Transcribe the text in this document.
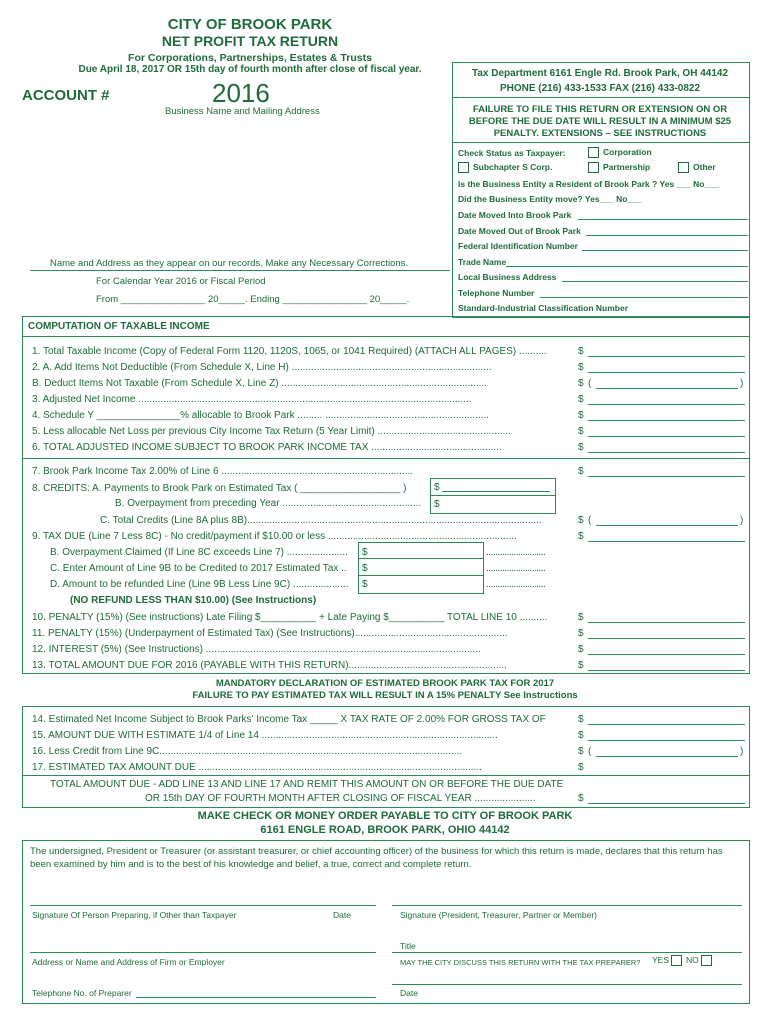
CITY OF BROOK PARK
NET PROFIT TAX RETURN
For Corporations, Partnerships, Estates & Trusts
Due April 18, 2017 OR 15th day of fourth month after close of fiscal year.
ACCOUNT #	2016
Business Name and Mailing Address
Tax Department 6161 Engle Rd. Brook Park, OH 44142
PHONE (216) 433-1533 FAX (216) 433-0822
FAILURE TO FILE THIS RETURN OR EXTENSION ON OR
BEFORE THE DUE DATE WILL RESULT IN A MINIMUM $25
PENALTY. EXTENSIONS – SEE INSTRUCTIONS
Check Status as Taxpayer:	Corporation
Subchapter S Corp.	Partnership	Other
Is the Business Entity a Resident of Brook Park ? Yes ___ No___
Did the Business Entity move? Yes___ No___
Date Moved Into Brook Park
Date Moved Out of Brook Park
Federal Identification Number
Trade Name
Local Business Address
Telephone Number
Standard-Industrial Classification Number
Name and Address as they appear on our records. Make any Necessary Corrections.
For Calendar Year 2016 or Fiscal Period
From ________________ 20_____. Ending ________________ 20_____.
COMPUTATION OF TAXABLE INCOME
1. Total Taxable Income (Copy of Federal Form 1120, 1120S, 1065, or 1041 Required) (ATTACH ALL PAGES) ..........	$
2. A. Add Items Not Deductible (From Schedule X, Line H) ........................................................................	$
B. Deduct Items Not Taxable (From Schedule X, Line Z) ..........................................................................	$ (	)
3. Adjusted Net Income ........................................................................................................................	$
4. Schedule Y _______________% allocable to Brook Park ......... ...........................................................	$
5. Less allocable Net Loss per previous City Income Tax Return (5 Year Limit) ................................................	$
6. TOTAL ADJUSTED INCOME SUBJECT TO BROOK PARK INCOME TAX ...............................................	$
7. Brook Park Income Tax 2.00% of Line 6 .....................................................................	$
8. CREDITS: A. Payments to Brook Park on Estimated Tax ( __________________ )	$
B. Overpayment from preceding Year .................................................. $
C. Total Credits (Line 8A plus 8B)..........................................................................................................	$ (	)
9. TAX DUE (Line 7 Less 8C) - No credit/payment if $10.00 or less ....................................................................	$
B. Overpayment Claimed (If Line 8C exceeds Line 7) ...................... $
C. Enter Amount of Line 9B to be Credited to 2017 Estimated Tax .. $
D. Amount to be refunded Line (Line 9B Less Line 9C) .................... $
..........................
..........................
..........................
(NO REFUND LESS THAN $10.00) (See Instructions)
10. PENALTY (15%) (See instructions) Late Filing $__________ + Late Paying $__________ TOTAL LINE 10 ..........	$
11. PENALTY (15%) (Underpayment of Estimated Tax) (See Instructions).......................................................	$
12. INTEREST (5%) (See Instructions) ...................................................................................................	$
13. TOTAL AMOUNT DUE FOR 2016 (PAYABLE WITH THIS RETURN).........................................................	$
MANDATORY DECLARATION OF ESTIMATED BROOK PARK TAX FOR 2017
FAILURE TO PAY ESTIMATED TAX WILL RESULT IN A 15% PENALTY See Instructions
14. Estimated Net Income Subject to Brook Parks' Income Tax _____ X TAX RATE OF 2.00% FOR GROSS TAX OF	$
15. AMOUNT DUE WITH ESTIMATE 1/4 of Line 14 .....................................................................................	$
16. Less Credit from Line 9C.............................................................................................................	$ (	)
17. ESTIMATED TAX AMOUNT DUE ......................................................................................................	$
TOTAL AMOUNT DUE - ADD LINE 13 AND LINE 17 AND REMIT THIS AMOUNT ON OR BEFORE THE DUE DATE
OR 15th DAY OF FOURTH MONTH AFTER CLOSING OF FISCAL YEAR ......................	$
MAKE CHECK OR MONEY ORDER PAYABLE TO CITY OF BROOK PARK
6161 ENGLE ROAD, BROOK PARK, OHIO 44142
The undersigned, President or Treasurer (or assistant treasurer, or chief accounting officer) of the business for which this return is made, declares that this return has been examined by him and is to the best of his knowledge and belief, a true, correct and complete return.
Signature Of Person Preparing, if Other than Taxpayer	Date	Signature (President, Treasurer, Partner or Member)
Title
Address or Name and Address of Firm or Employer	MAY THE CITY DISCUSS THIS RETURN WITH THE TAX PREPARER? YES	NO
Telephone No. of Preparer	Date
